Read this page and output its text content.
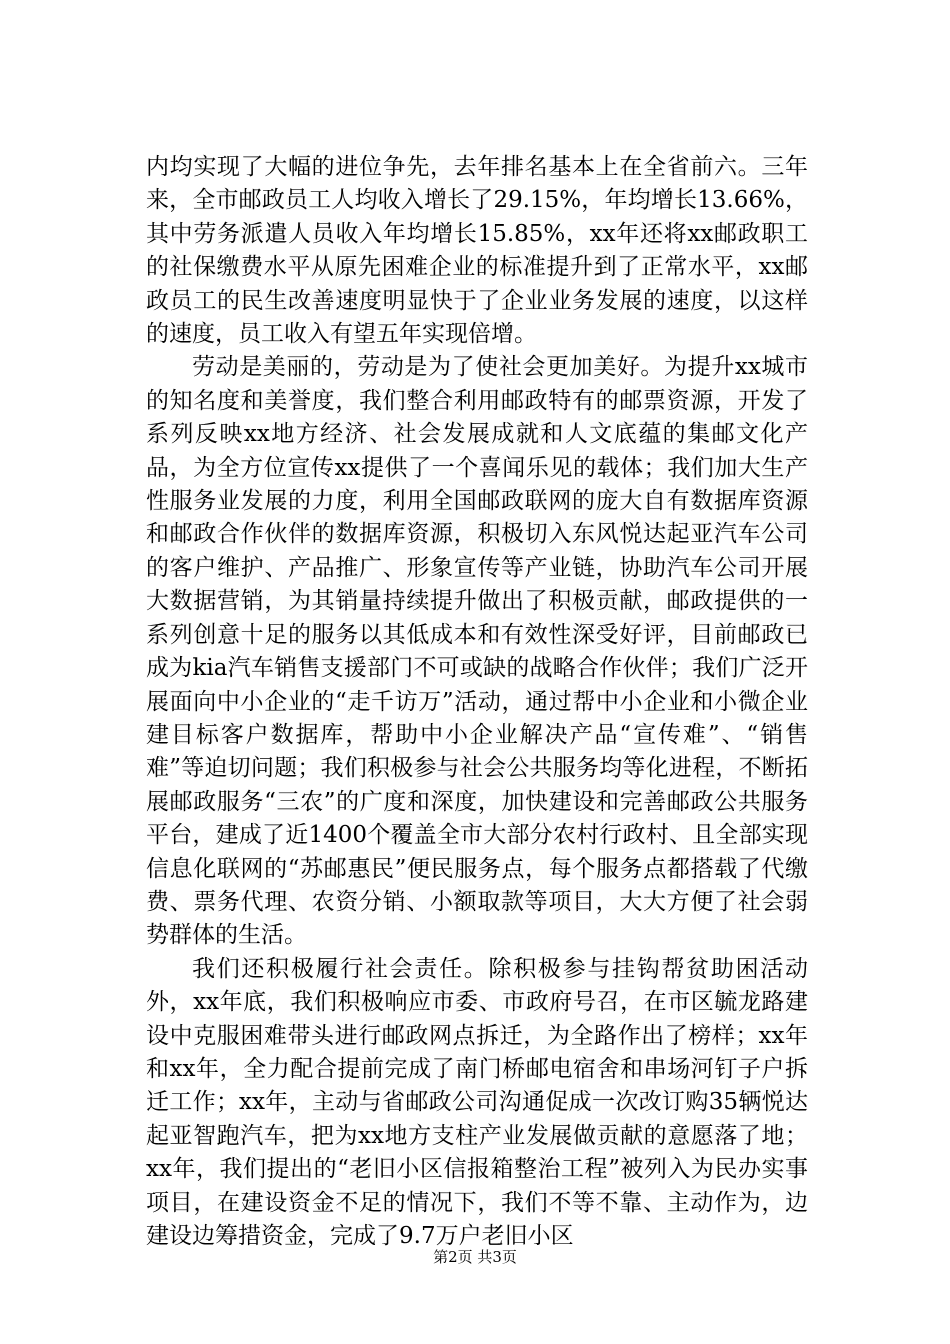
内均实现了大幅的进位争先，去年排名基本上在全省前六。三年来，全市邮政员工人均收入增长了29.15%，年均增长13.66%，其中劳务派遣人员收入年均增长15.85%，xx年还将xx邮政职工的社保缴费水平从原先困难企业的标准提升到了正常水平，xx邮政员工的民生改善速度明显快于了企业业务发展的速度，以这样的速度，员工收入有望五年实现倍增。

劳动是美丽的，劳动是为了使社会更加美好。为提升xx城市的知名度和美誉度，我们整合利用邮政特有的邮票资源，开发了系列反映xx地方经济、社会发展成就和人文底蕴的集邮文化产品，为全方位宣传xx提供了一个喜闻乐见的载体；我们加大生产性服务业发展的力度，利用全国邮政联网的庞大自有数据库资源和邮政合作伙伴的数据库资源，积极切入东风悦达起亚汽车公司的客户维护、产品推广、形象宣传等产业链，协助汽车公司开展大数据营销，为其销量持续提升做出了积极贡献，邮政提供的一系列创意十足的服务以其低成本和有效性深受好评，目前邮政已成为kia汽车销售支援部门不可或缺的战略合作伙伴；我们广泛开展面向中小企业的“走千访万”活动，通过帮中小企业和小微企业建目标客户数据库，帮助中小企业解决产品“宣传难”、“销售难”等迫切问题；我们积极参与社会公共服务均等化进程，不断拓展邮政服务“三农”的广度和深度，加快建设和完善邮政公共服务平台，建成了近1400个覆盖全市大部分农村行政村、且全部实现信息化联网的“苏邮惠民”便民服务点，每个服务点都搭载了代缴费、票务代理、农资分销、小额取款等项目，大大方便了社会弱势群体的生活。

我们还积极履行社会责任。除积极参与挂钩帮贫助困活动外，xx年底，我们积极响应市委、市政府号召，在市区毓龙路建设中克服困难带头进行邮政网点拆迁，为全路作出了榜样；xx年和xx年，全力配合提前完成了南门桥邮电宿舍和串场河钉子户拆迁工作；xx年，主动与省邮政公司沟通促成一次改订购35辆悦达起亚智跑汽车，把为xx地方支柱产业发展做贡献的意愿落了地；xx年，我们提出的“老旧小区信报箱整治工程”被列入为民办实事项目，在建设资金不足的情况下，我们不等不靠、主动作为，边建设边筹措资金，完成了9.7万户老旧小区

第2页 共3页
